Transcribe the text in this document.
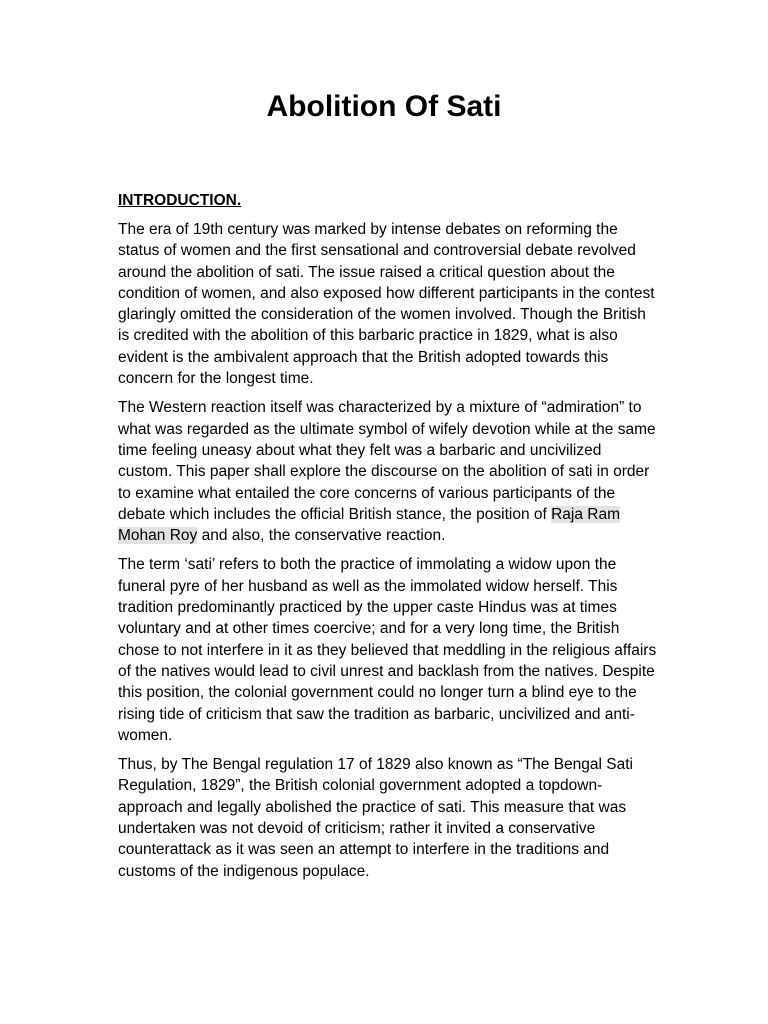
Abolition Of Sati
INTRODUCTION.

The era of 19th century was marked by intense debates on reforming the status of women and the first sensational and controversial debate revolved around the abolition of sati. The issue raised a critical question about the condition of women, and also exposed how different participants in the contest glaringly omitted the consideration of the women involved. Though the British is credited with the abolition of this barbaric practice in 1829, what is also evident is the ambivalent approach that the British adopted towards this concern for the longest time.

The Western reaction itself was characterized by a mixture of “admiration” to what was regarded as the ultimate symbol of wifely devotion while at the same time feeling uneasy about what they felt was a barbaric and uncivilized custom. This paper shall explore the discourse on the abolition of sati in order to examine what entailed the core concerns of various participants of the debate which includes the official British stance, the position of Raja Ram Mohan Roy and also, the conservative reaction.

The term ‘sati’ refers to both the practice of immolating a widow upon the funeral pyre of her husband as well as the immolated widow herself. This tradition predominantly practiced by the upper caste Hindus was at times voluntary and at other times coercive; and for a very long time, the British chose to not interfere in it as they believed that meddling in the religious affairs of the natives would lead to civil unrest and backlash from the natives. Despite this position, the colonial government could no longer turn a blind eye to the rising tide of criticism that saw the tradition as barbaric, uncivilized and anti-women.

Thus, by The Bengal regulation 17 of 1829 also known as “The Bengal Sati Regulation, 1829”, the British colonial government adopted a topdown-approach and legally abolished the practice of sati. This measure that was undertaken was not devoid of criticism; rather it invited a conservative counterattack as it was seen an attempt to interfere in the traditions and customs of the indigenous populace.
